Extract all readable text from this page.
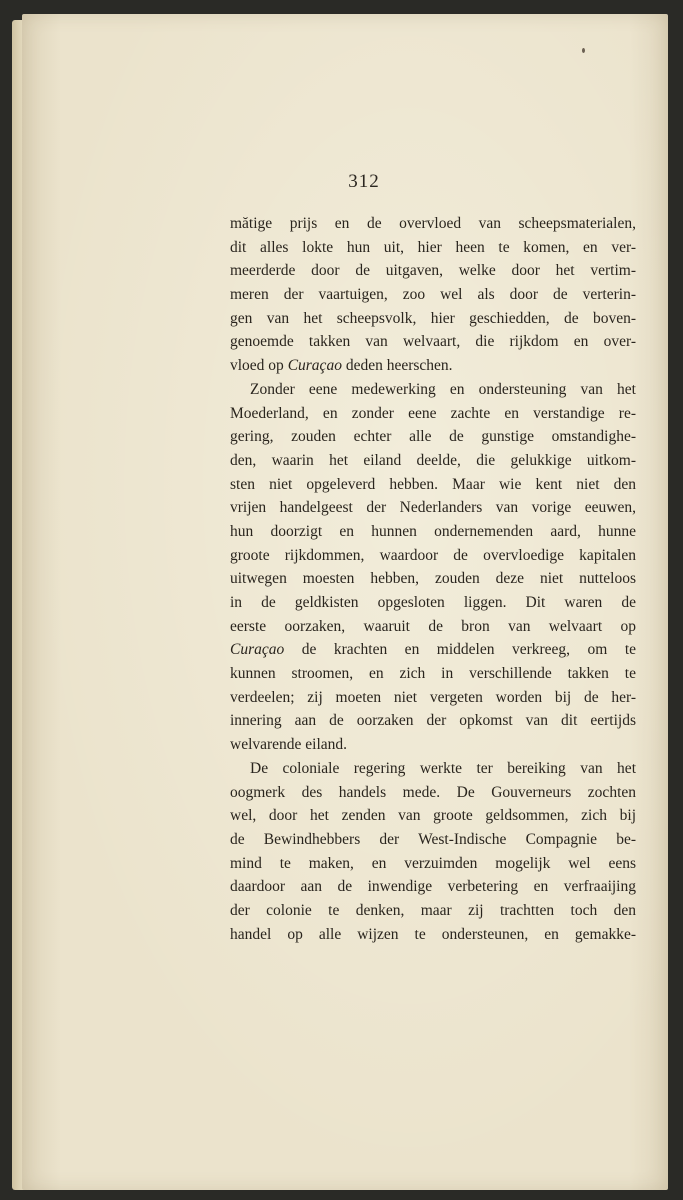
312
mătige prijs en de overvloed van scheepsmaterialen,
dit alles lokte hun uit, hier heen te komen, en ver-
meerderde door de uitgaven, welke door het vertim-
meren der vaartuigen, zoo wel als door de verterin-
gen van het scheepsvolk, hier geschiedden, de boven-
genoemde takken van welvaart, die rijkdom en over-
vloed op Curaçao deden heerschen.
Zonder eene medewerking en ondersteuning van het
Moederland, en zonder eene zachte en verstandige re-
gering, zouden echter alle de gunstige omstandighe-
den, waarin het eiland deelde, die gelukkige uitkom-
sten niet opgeleverd hebben. Maar wie kent niet den
vrijen handelgeest der Nederlanders van vorige eeuwen,
hun doorzigt en hunnen ondernemenden aard, hunne
groote rijkdommen, waardoor de overvloedige kapitalen
uitwegen moesten hebben, zouden deze niet nutteloos
in de geldkisten opgesloten liggen. Dit waren de
eerste oorzaken, waaruit de bron van welvaart op
Curaçao de krachten en middelen verkreeg, om te
kunnen stroomen, en zich in verschillende takken te
verdeelen; zij moeten niet vergeten worden bij de her-
innering aan de oorzaken der opkomst van dit eertijds
welvarende eiland.
De coloniale regering werkte ter bereiking van het
oogmerk des handels mede. De Gouverneurs zochten
wel, door het zenden van groote geldsommen, zich bij
de Bewindhebbers der West-Indische Compagnie be-
mind te maken, en verzuimden mogelijk wel eens
daardoor aan de inwendige verbetering en verfraaijing
der colonie te denken, maar zij trachtten toch den
handel op alle wijzen te ondersteunen, en gemakke-
